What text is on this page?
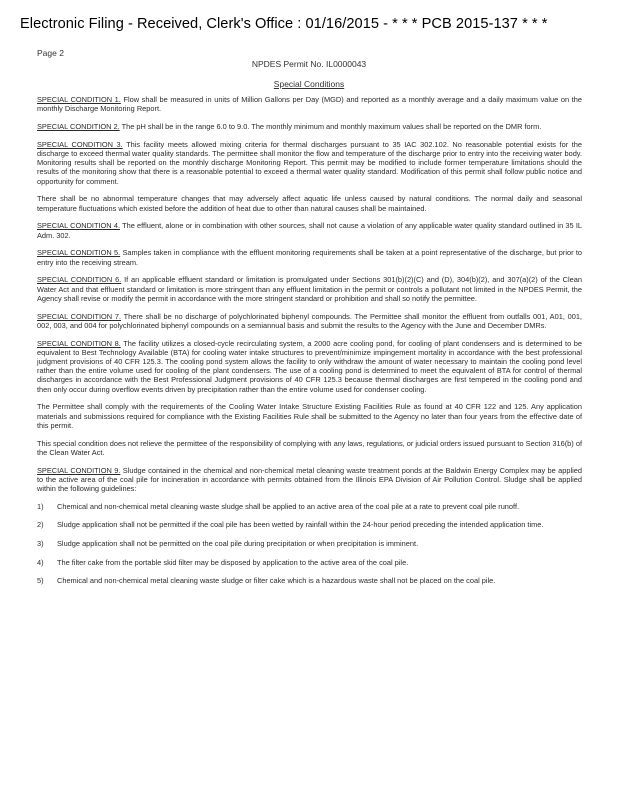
Electronic Filing - Received, Clerk's Office : 01/16/2015 - * * * PCB 2015-137 * * *
Page 2
NPDES Permit No. IL0000043
Special Conditions

SPECIAL CONDITION 1. Flow shall be measured in units of Million Gallons per Day (MGD) and reported as a monthly average and a daily maximum value on the monthly Discharge Monitoring Report.

SPECIAL CONDITION 2. The pH shall be in the range 6.0 to 9.0. The monthly minimum and monthly maximum values shall be reported on the DMR form.

SPECIAL CONDITION 3. This facility meets allowed mixing criteria for thermal discharges pursuant to 35 IAC 302.102. No reasonable potential exists for the discharge to exceed thermal water quality standards. The permittee shall monitor the flow and temperature of the discharge prior to entry into the receiving water body. Monitoring results shall be reported on the monthly discharge Monitoring Report. This permit may be modified to include former temperature limitations should the results of the monitoring show that there is a reasonable potential to exceed a thermal water quality standard. Modification of this permit shall follow public notice and opportunity for comment.

There shall be no abnormal temperature changes that may adversely affect aquatic life unless caused by natural conditions. The normal daily and seasonal temperature fluctuations which existed before the addition of heat due to other than natural causes shall be maintained.

SPECIAL CONDITION 4. The effluent, alone or in combination with other sources, shall not cause a violation of any applicable water quality standard outlined in 35 IL Adm. 302.

SPECIAL CONDITION 5. Samples taken in compliance with the effluent monitoring requirements shall be taken at a point representative of the discharge, but prior to entry into the receiving stream.

SPECIAL CONDITION 6. If an applicable effluent standard or limitation is promulgated under Sections 301(b)(2)(C) and (D), 304(b)(2), and 307(a)(2) of the Clean Water Act and that effluent standard or limitation is more stringent than any effluent limitation in the permit or controls a pollutant not limited in the NPDES Permit, the Agency shall revise or modify the permit in accordance with the more stringent standard or prohibition and shall so notify the permittee.

SPECIAL CONDITION 7. There shall be no discharge of polychlorinated biphenyl compounds. The Permittee shall monitor the effluent from outfalls 001, A01, 001, 002, 003, and 004 for polychlorinated biphenyl compounds on a semiannual basis and submit the results to the Agency with the June and December DMRs.

SPECIAL CONDITION 8. The facility utilizes a closed-cycle recirculating system, a 2000 acre cooling pond, for cooling of plant condensers and is determined to be equivalent to Best Technology Available (BTA) for cooling water intake structures to prevent/minimize impingement mortality in accordance with the best professional judgment provisions of 40 CFR 125.3. The cooling pond system allows the facility to only withdraw the amount of water necessary to maintain the cooling pond level rather than the entire volume used for cooling of the plant condensers. The use of a cooling pond is determined to meet the equivalent of BTA for control of thermal discharges in accordance with the Best Professional Judgment provisions of 40 CFR 125.3 because thermal discharges are first tempered in the cooling pond and then only occur during overflow events driven by precipitation rather than the entire volume used for condenser cooling.

The Permittee shall comply with the requirements of the Cooling Water Intake Structure Existing Facilities Rule as found at 40 CFR 122 and 125. Any application materials and submissions required for compliance with the Existing Facilities Rule shall be submitted to the Agency no later than four years from the effective date of this permit.

This special condition does not relieve the permittee of the responsibility of complying with any laws, regulations, or judicial orders issued pursuant to Section 316(b) of the Clean Water Act.

SPECIAL CONDITION 9. Sludge contained in the chemical and non-chemical metal cleaning waste treatment ponds at the Baldwin Energy Complex may be applied to the active area of the coal pile for incineration in accordance with permits obtained from the Illinois EPA Division of Air Pollution Control. Sludge shall be applied within the following guidelines:

1) Chemical and non-chemical metal cleaning waste sludge shall be applied to an active area of the coal pile at a rate to prevent coal pile runoff.
2) Sludge application shall not be permitted if the coal pile has been wetted by rainfall within the 24-hour period preceding the intended application time.
3) Sludge application shall not be permitted on the coal pile during precipitation or when precipitation is imminent.
4) The filter cake from the portable skid filter may be disposed by application to the active area of the coal pile.
5) Chemical and non-chemical metal cleaning waste sludge or filter cake which is a hazardous waste shall not be placed on the coal pile.
